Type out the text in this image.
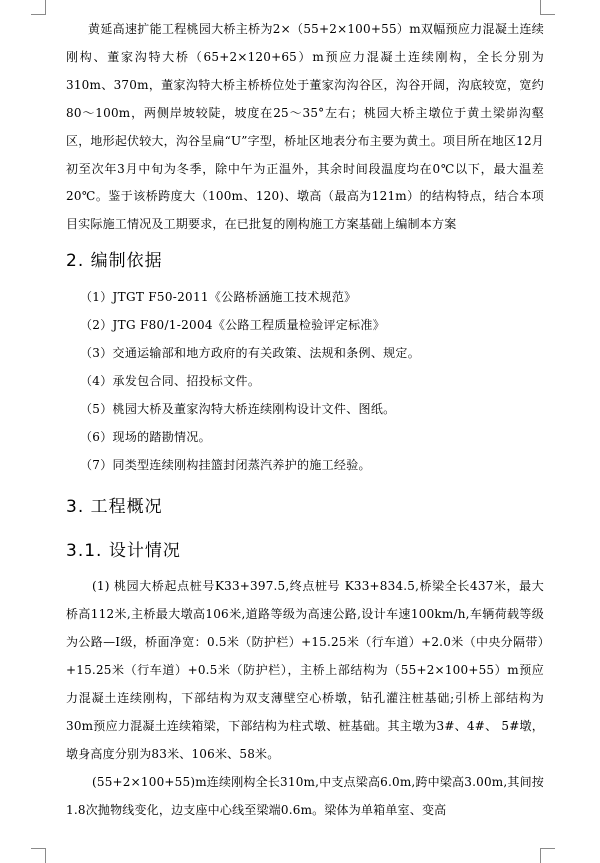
黄延高速扩能工程桃园大桥主桥为2×（55+2×100+55）m双幅预应力混凝土连续刚构、董家沟特大桥（65+2×120+65）m预应力混凝土连续刚构，全长分别为310m、370m，董家沟特大桥主桥桥位处于董家沟沟谷区，沟谷开阔，沟底较宽，宽约80～100m，两侧岸坡较陡，坡度在25～35°左右；桃园大桥主墩位于黄土梁峁沟壑区，地形起伏较大，沟谷呈扁“U”字型，桥址区地表分布主要为黄土。项目所在地区12月初至次年3月中旬为冬季，除中午为正温外，其余时间段温度均在0℃以下，最大温差20℃。鉴于该桥跨度大（100m、120)、墩高（最高为121m）的结构特点，结合本项目实际施工情况及工期要求，在已批复的刚构施工方案基础上编制本方案

2. 编制依据
（1）JTGT F50-2011《公路桥涵施工技术规范》
（2）JTG F80/1-2004《公路工程质量检验评定标准》
（3）交通运输部和地方政府的有关政策、法规和条例、规定。
（4）承发包合同、招投标文件。
（5）桃园大桥及董家沟特大桥连续刚构设计文件、图纸。
（6）现场的踏勘情况。
（7）同类型连续刚构挂篮封闭蒸汽养护的施工经验。
3. 工程概况
3.1. 设计情况

(1) 桃园大桥起点桩号K33+397.5,终点桩号 K33+834.5,桥梁全长437米，最大桥高112米,主桥最大墩高106米,道路等级为高速公路,设计车速100km/h,车辆荷载等级为公路—I级，桥面净宽：0.5米（防护栏）+15.25米（行车道）+2.0米（中央分隔带）+15.25米（行车道）+0.5米（防护栏），主桥上部结构为（55+2×100+55）m预应力混凝土连续刚构，下部结构为双支薄壁空心桥墩，钻孔灌注桩基础;引桥上部结构为30m预应力混凝土连续箱梁，下部结构为柱式墩、桩基础。其主墩为3#、4#、 5#墩，墩身高度分别为83米、106米、58米。

(55+2×100+55)m连续刚构全长310m,中支点梁高6.0m,跨中梁高3.00m,其间按1.8次抛物线变化，边支座中心线至梁端0.6m。梁体为单箱单室、变高
